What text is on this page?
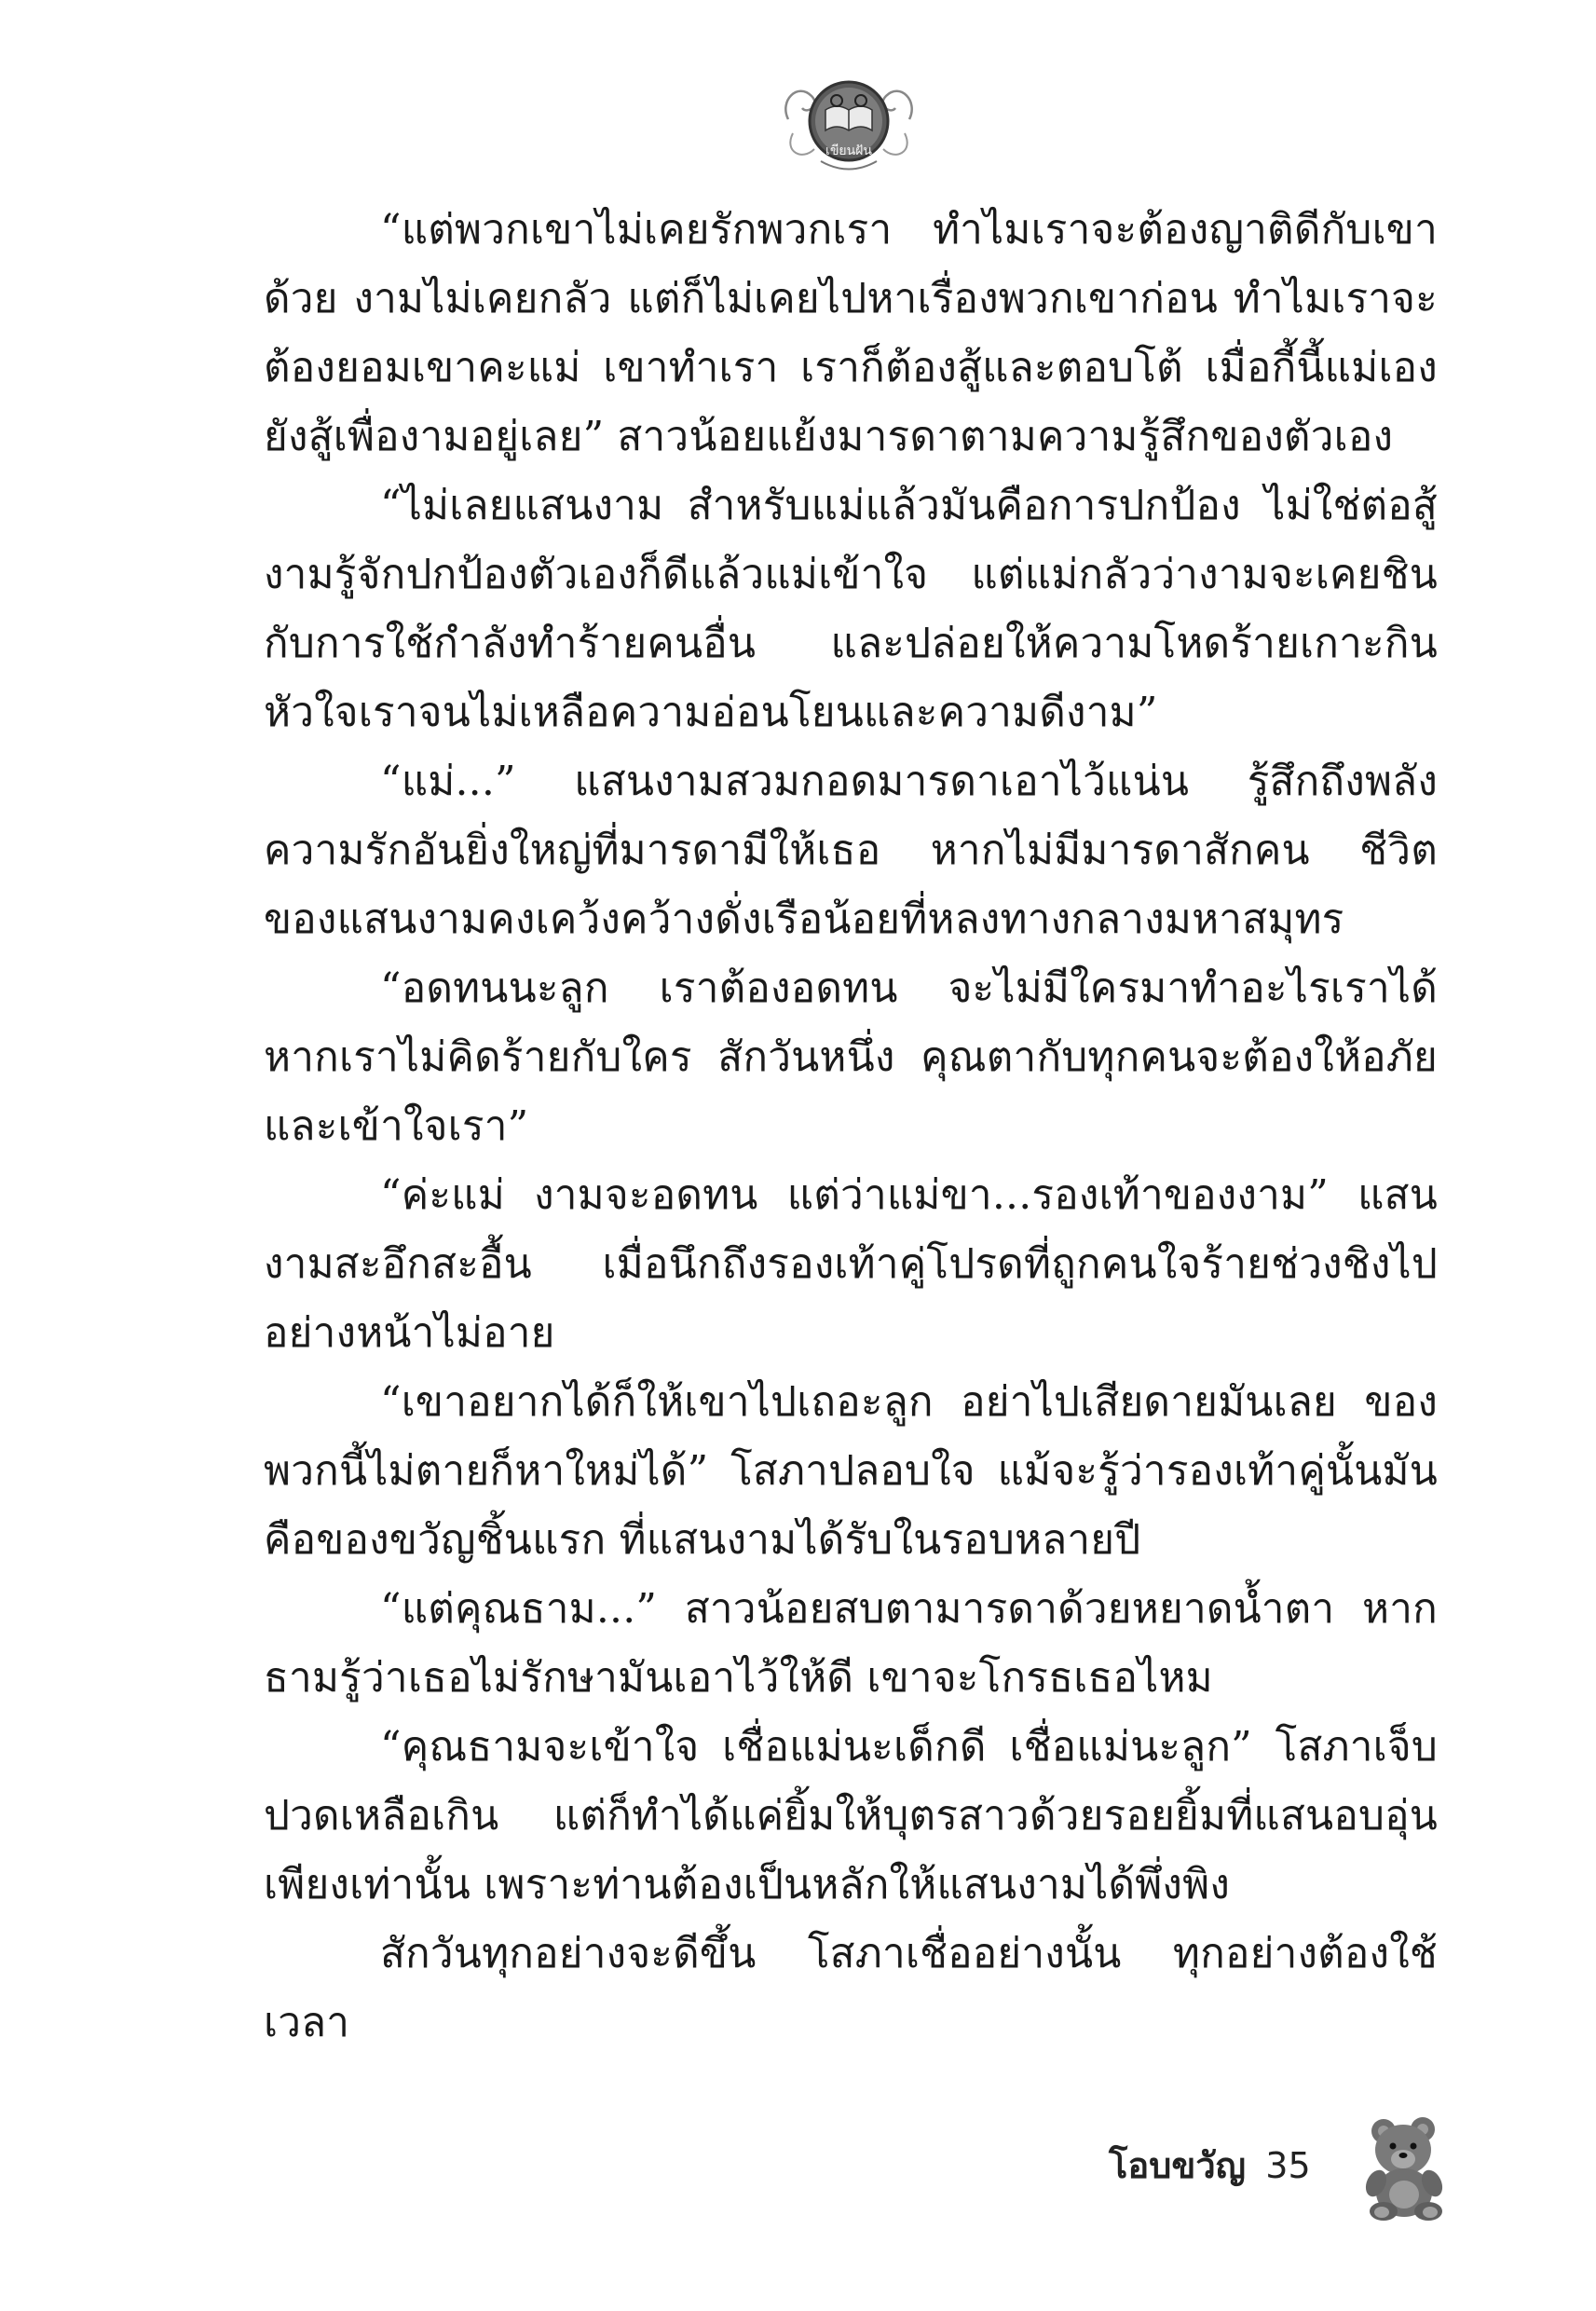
เขียนฝัน

“แต่พวกเขาไม่เคยรักพวกเรา ทำไมเราจะต้องญาติดีกับเขาด้วย งามไม่เคยกลัว แต่ก็ไม่เคยไปหาเรื่องพวกเขาก่อน ทำไมเราจะต้องยอมเขาคะแม่ เขาทำเรา เราก็ต้องสู้และตอบโต้ เมื่อกี้นี้แม่เองยังสู้เพื่องามอยู่เลย” สาวน้อยแย้งมารดาตามความรู้สึกของตัวเอง

“ไม่เลยแสนงาม สำหรับแม่แล้วมันคือการปกป้อง ไม่ใช่ต่อสู้ งามรู้จักปกป้องตัวเองก็ดีแล้วแม่เข้าใจ แต่แม่กลัวว่างามจะเคยชินกับการใช้กำลังทำร้ายคนอื่น และปล่อยให้ความโหดร้ายเกาะกินหัวใจเราจนไม่เหลือความอ่อนโยนและความดีงาม”

“แม่...” แสนงามสวมกอดมารดาเอาไว้แน่น รู้สึกถึงพลังความรักอันยิ่งใหญ่ที่มารดามีให้เธอ หากไม่มีมารดาสักคน ชีวิตของแสนงามคงเคว้งคว้างดั่งเรือน้อยที่หลงทางกลางมหาสมุทร

“อดทนนะลูก เราต้องอดทน จะไม่มีใครมาทำอะไรเราได้ หากเราไม่คิดร้ายกับใคร สักวันหนึ่ง คุณตากับทุกคนจะต้องให้อภัยและเข้าใจเรา”

“ค่ะแม่ งามจะอดทน แต่ว่าแม่ขา...รองเท้าของงาม” แสนงามสะอึกสะอื้น เมื่อนึกถึงรองเท้าคู่โปรดที่ถูกคนใจร้ายช่วงชิงไปอย่างหน้าไม่อาย

“เขาอยากได้ก็ให้เขาไปเถอะลูก อย่าไปเสียดายมันเลย ของพวกนี้ไม่ตายก็หาใหม่ได้” โสภาปลอบใจ แม้จะรู้ว่ารองเท้าคู่นั้นมันคือของขวัญชิ้นแรก ที่แสนงามได้รับในรอบหลายปี

“แต่คุณธาม...” สาวน้อยสบตามารดาด้วยหยาดน้ำตา หากธามรู้ว่าเธอไม่รักษามันเอาไว้ให้ดี เขาจะโกรธเธอไหม

“คุณธามจะเข้าใจ เชื่อแม่นะเด็กดี เชื่อแม่นะลูก” โสภาเจ็บปวดเหลือเกิน แต่ก็ทำได้แค่ยิ้มให้บุตรสาวด้วยรอยยิ้มที่แสนอบอุ่นเพียงเท่านั้น เพราะท่านต้องเป็นหลักให้แสนงามได้พึ่งพิง

สักวันทุกอย่างจะดีขึ้น โสภาเชื่ออย่างนั้น ทุกอย่างต้องใช้เวลา

โอบขวัญ 35
